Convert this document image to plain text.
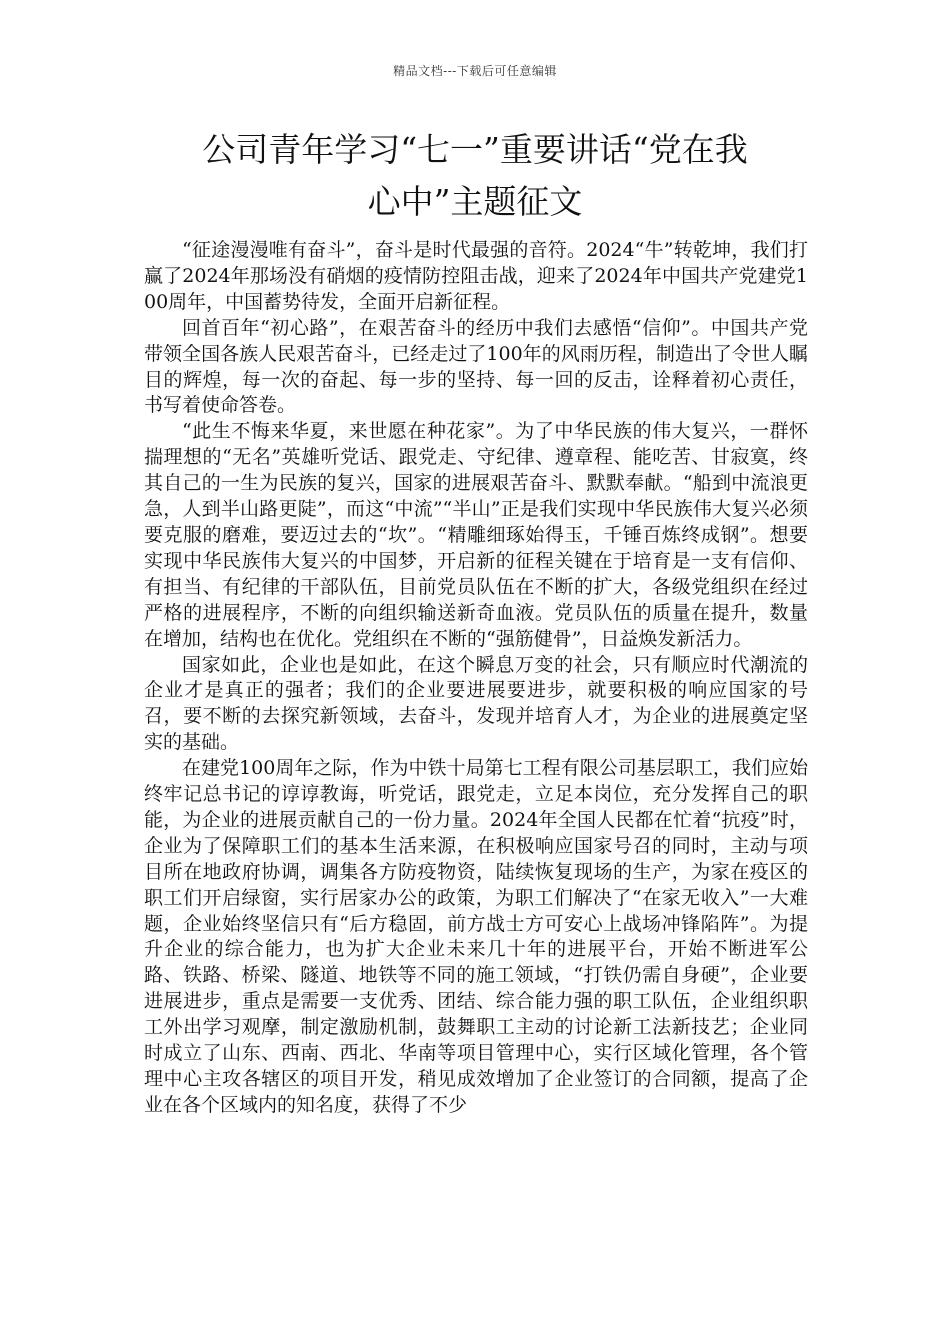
精品文档---下载后可任意编辑
公司青年学习“七一”重要讲话“党在我
心中”主题征文

“征途漫漫唯有奋斗”，奋斗是时代最强的音符。2024“牛”转乾坤，我们打赢了2024年那场没有硝烟的疫情防控阻击战，迎来了2024年中国共产党建党100周年，中国蓄势待发，全面开启新征程。

回首百年“初心路”，在艰苦奋斗的经历中我们去感悟“信仰”。中国共产党带领全国各族人民艰苦奋斗，已经走过了100年的风雨历程，制造出了令世人瞩目的辉煌，每一次的奋起、每一步的坚持、每一回的反击，诠释着初心责任，书写着使命答卷。

“此生不悔来华夏，来世愿在种花家”。为了中华民族的伟大复兴，一群怀揣理想的“无名”英雄听党话、跟党走、守纪律、遵章程、能吃苦、甘寂寞，终其自己的一生为民族的复兴，国家的进展艰苦奋斗、默默奉献。“船到中流浪更急，人到半山路更陡”，而这“中流”“半山”正是我们实现中华民族伟大复兴必须要克服的磨难，要迈过去的“坎”。“精雕细琢始得玉，千锤百炼终成钢”。想要实现中华民族伟大复兴的中国梦，开启新的征程关键在于培育是一支有信仰、有担当、有纪律的干部队伍，目前党员队伍在不断的扩大，各级党组织在经过严格的进展程序，不断的向组织输送新奇血液。党员队伍的质量在提升，数量在增加，结构也在优化。党组织在不断的“强筋健骨”，日益焕发新活力。

国家如此，企业也是如此，在这个瞬息万变的社会，只有顺应时代潮流的企业才是真正的强者；我们的企业要进展要进步，就要积极的响应国家的号召，要不断的去探究新领域，去奋斗，发现并培育人才，为企业的进展奠定坚实的基础。

在建党100周年之际，作为中铁十局第七工程有限公司基层职工，我们应始终牢记总书记的谆谆教诲，听党话，跟党走，立足本岗位，充分发挥自己的职能，为企业的进展贡献自己的一份力量。2024年全国人民都在忙着“抗疫”时，企业为了保障职工们的基本生活来源，在积极响应国家号召的同时，主动与项目所在地政府协调，调集各方防疫物资，陆续恢复现场的生产，为家在疫区的职工们开启绿窗，实行居家办公的政策，为职工们解决了“在家无收入”一大难题，企业始终坚信只有“后方稳固，前方战士方可安心上战场冲锋陷阵”。为提升企业的综合能力，也为扩大企业未来几十年的进展平台，开始不断进军公路、铁路、桥梁、隧道、地铁等不同的施工领域，“打铁仍需自身硬”，企业要进展进步，重点是需要一支优秀、团结、综合能力强的职工队伍，企业组织职工外出学习观摩，制定激励机制，鼓舞职工主动的讨论新工法新技艺；企业同时成立了山东、西南、西北、华南等项目管理中心，实行区域化管理，各个管理中心主攻各辖区的项目开发，稍见成效增加了企业签订的合同额，提高了企业在各个区域内的知名度，获得了不少
